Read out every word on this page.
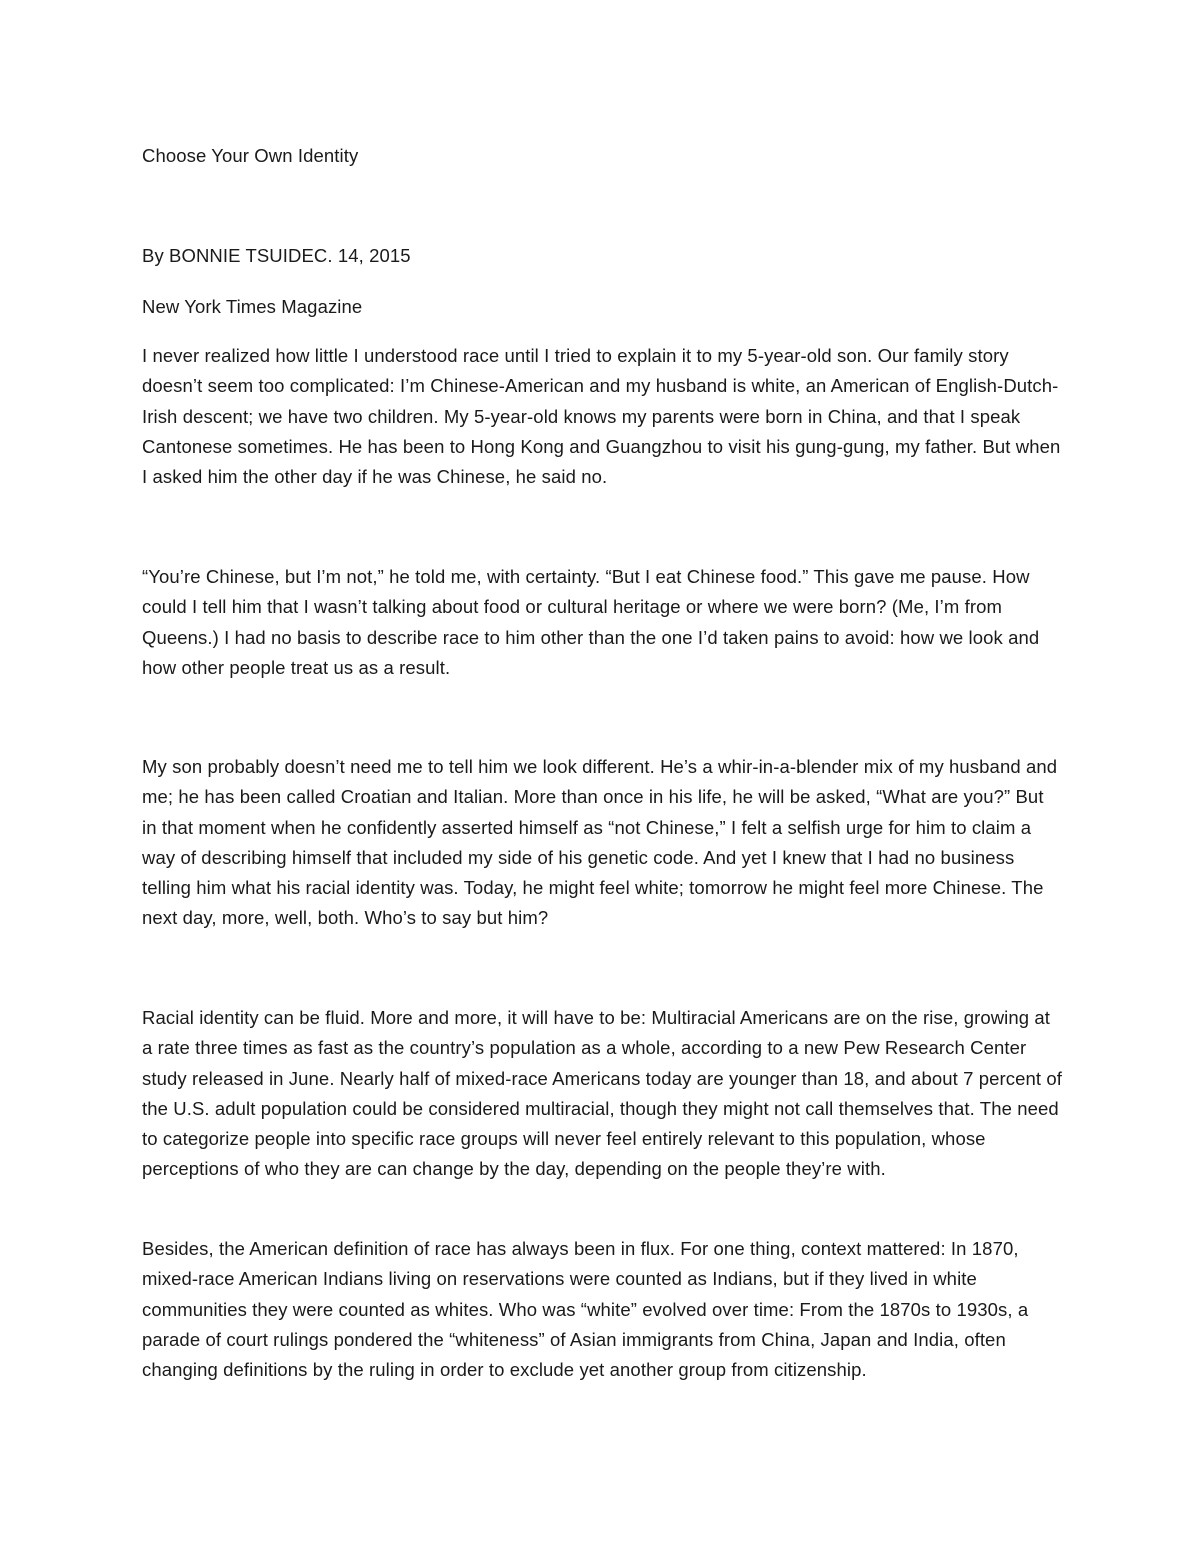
Choose Your Own Identity

By BONNIE TSUIDEC. 14, 2015

New York Times Magazine

I never realized how little I understood race until I tried to explain it to my 5-year-old son. Our family story doesn’t seem too complicated: I’m Chinese-American and my husband is white, an American of English-Dutch-Irish descent; we have two children. My 5-year-old knows my parents were born in China, and that I speak Cantonese sometimes. He has been to Hong Kong and Guangzhou to visit his gung-gung, my father. But when I asked him the other day if he was Chinese, he said no.

“You’re Chinese, but I’m not,” he told me, with certainty. “But I eat Chinese food.” This gave me pause. How could I tell him that I wasn’t talking about food or cultural heritage or where we were born? (Me, I’m from Queens.) I had no basis to describe race to him other than the one I’d taken pains to avoid: how we look and how other people treat us as a result.

My son probably doesn’t need me to tell him we look different. He’s a whir-in-a-blender mix of my husband and me; he has been called Croatian and Italian. More than once in his life, he will be asked, “What are you?” But in that moment when he confidently asserted himself as “not Chinese,” I felt a selfish urge for him to claim a way of describing himself that included my side of his genetic code. And yet I knew that I had no business telling him what his racial identity was. Today, he might feel white; tomorrow he might feel more Chinese. The next day, more, well, both. Who’s to say but him?

Racial identity can be fluid. More and more, it will have to be: Multiracial Americans are on the rise, growing at a rate three times as fast as the country’s population as a whole, according to a new Pew Research Center study released in June. Nearly half of mixed-race Americans today are younger than 18, and about 7 percent of the U.S. adult population could be considered multiracial, though they might not call themselves that. The need to categorize people into specific race groups will never feel entirely relevant to this population, whose perceptions of who they are can change by the day, depending on the people they’re with.

Besides, the American definition of race has always been in flux. For one thing, context mattered: In 1870, mixed-race American Indians living on reservations were counted as Indians, but if they lived in white communities they were counted as whites. Who was “white” evolved over time: From the 1870s to 1930s, a parade of court rulings pondered the “whiteness” of Asian immigrants from China, Japan and India, often changing definitions by the ruling in order to exclude yet another group from citizenship.
